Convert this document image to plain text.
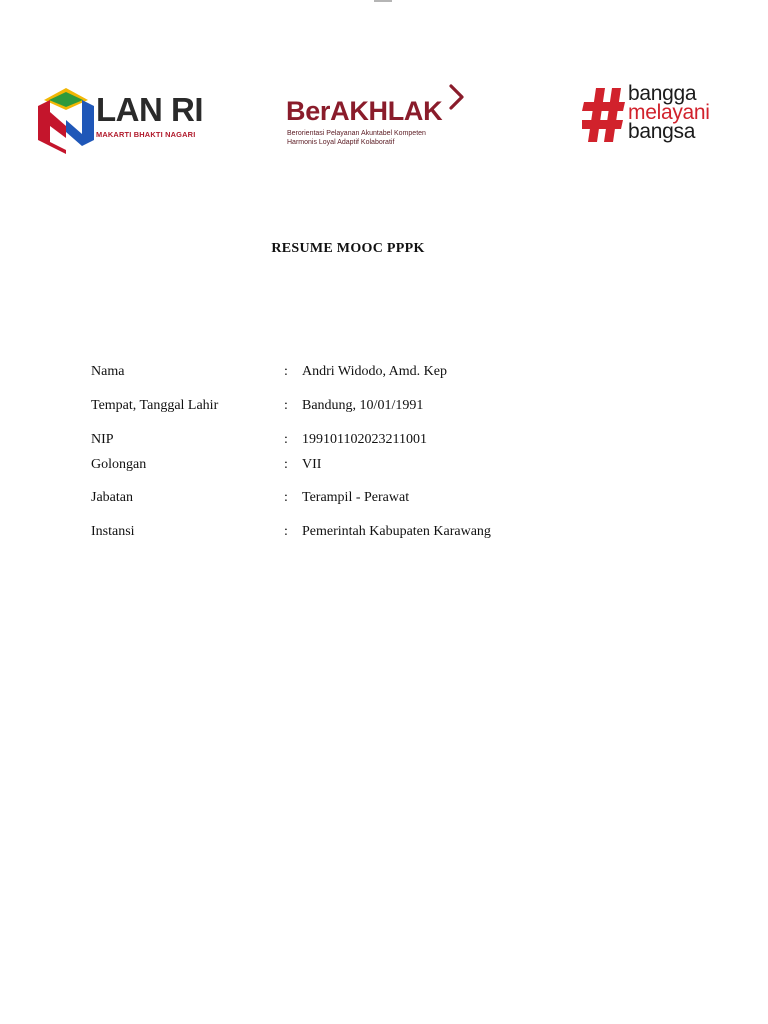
LAN RI
MAKARTI BHAKTI NAGARI
BerAKHLAK
Berorientasi Pelayanan Akuntabel Kompeten
Harmonis Loyal Adaptif Kolaboratif
bangga
melayani
bangsa
RESUME MOOC PPPK
Nama	: Andri Widodo, Amd. Kep
Tempat, Tanggal Lahir	: Bandung, 10/01/1991
NIP	: 199101102023211001
Golongan	: VII
Jabatan	: Terampil - Perawat
Instansi	: Pemerintah Kabupaten Karawang
